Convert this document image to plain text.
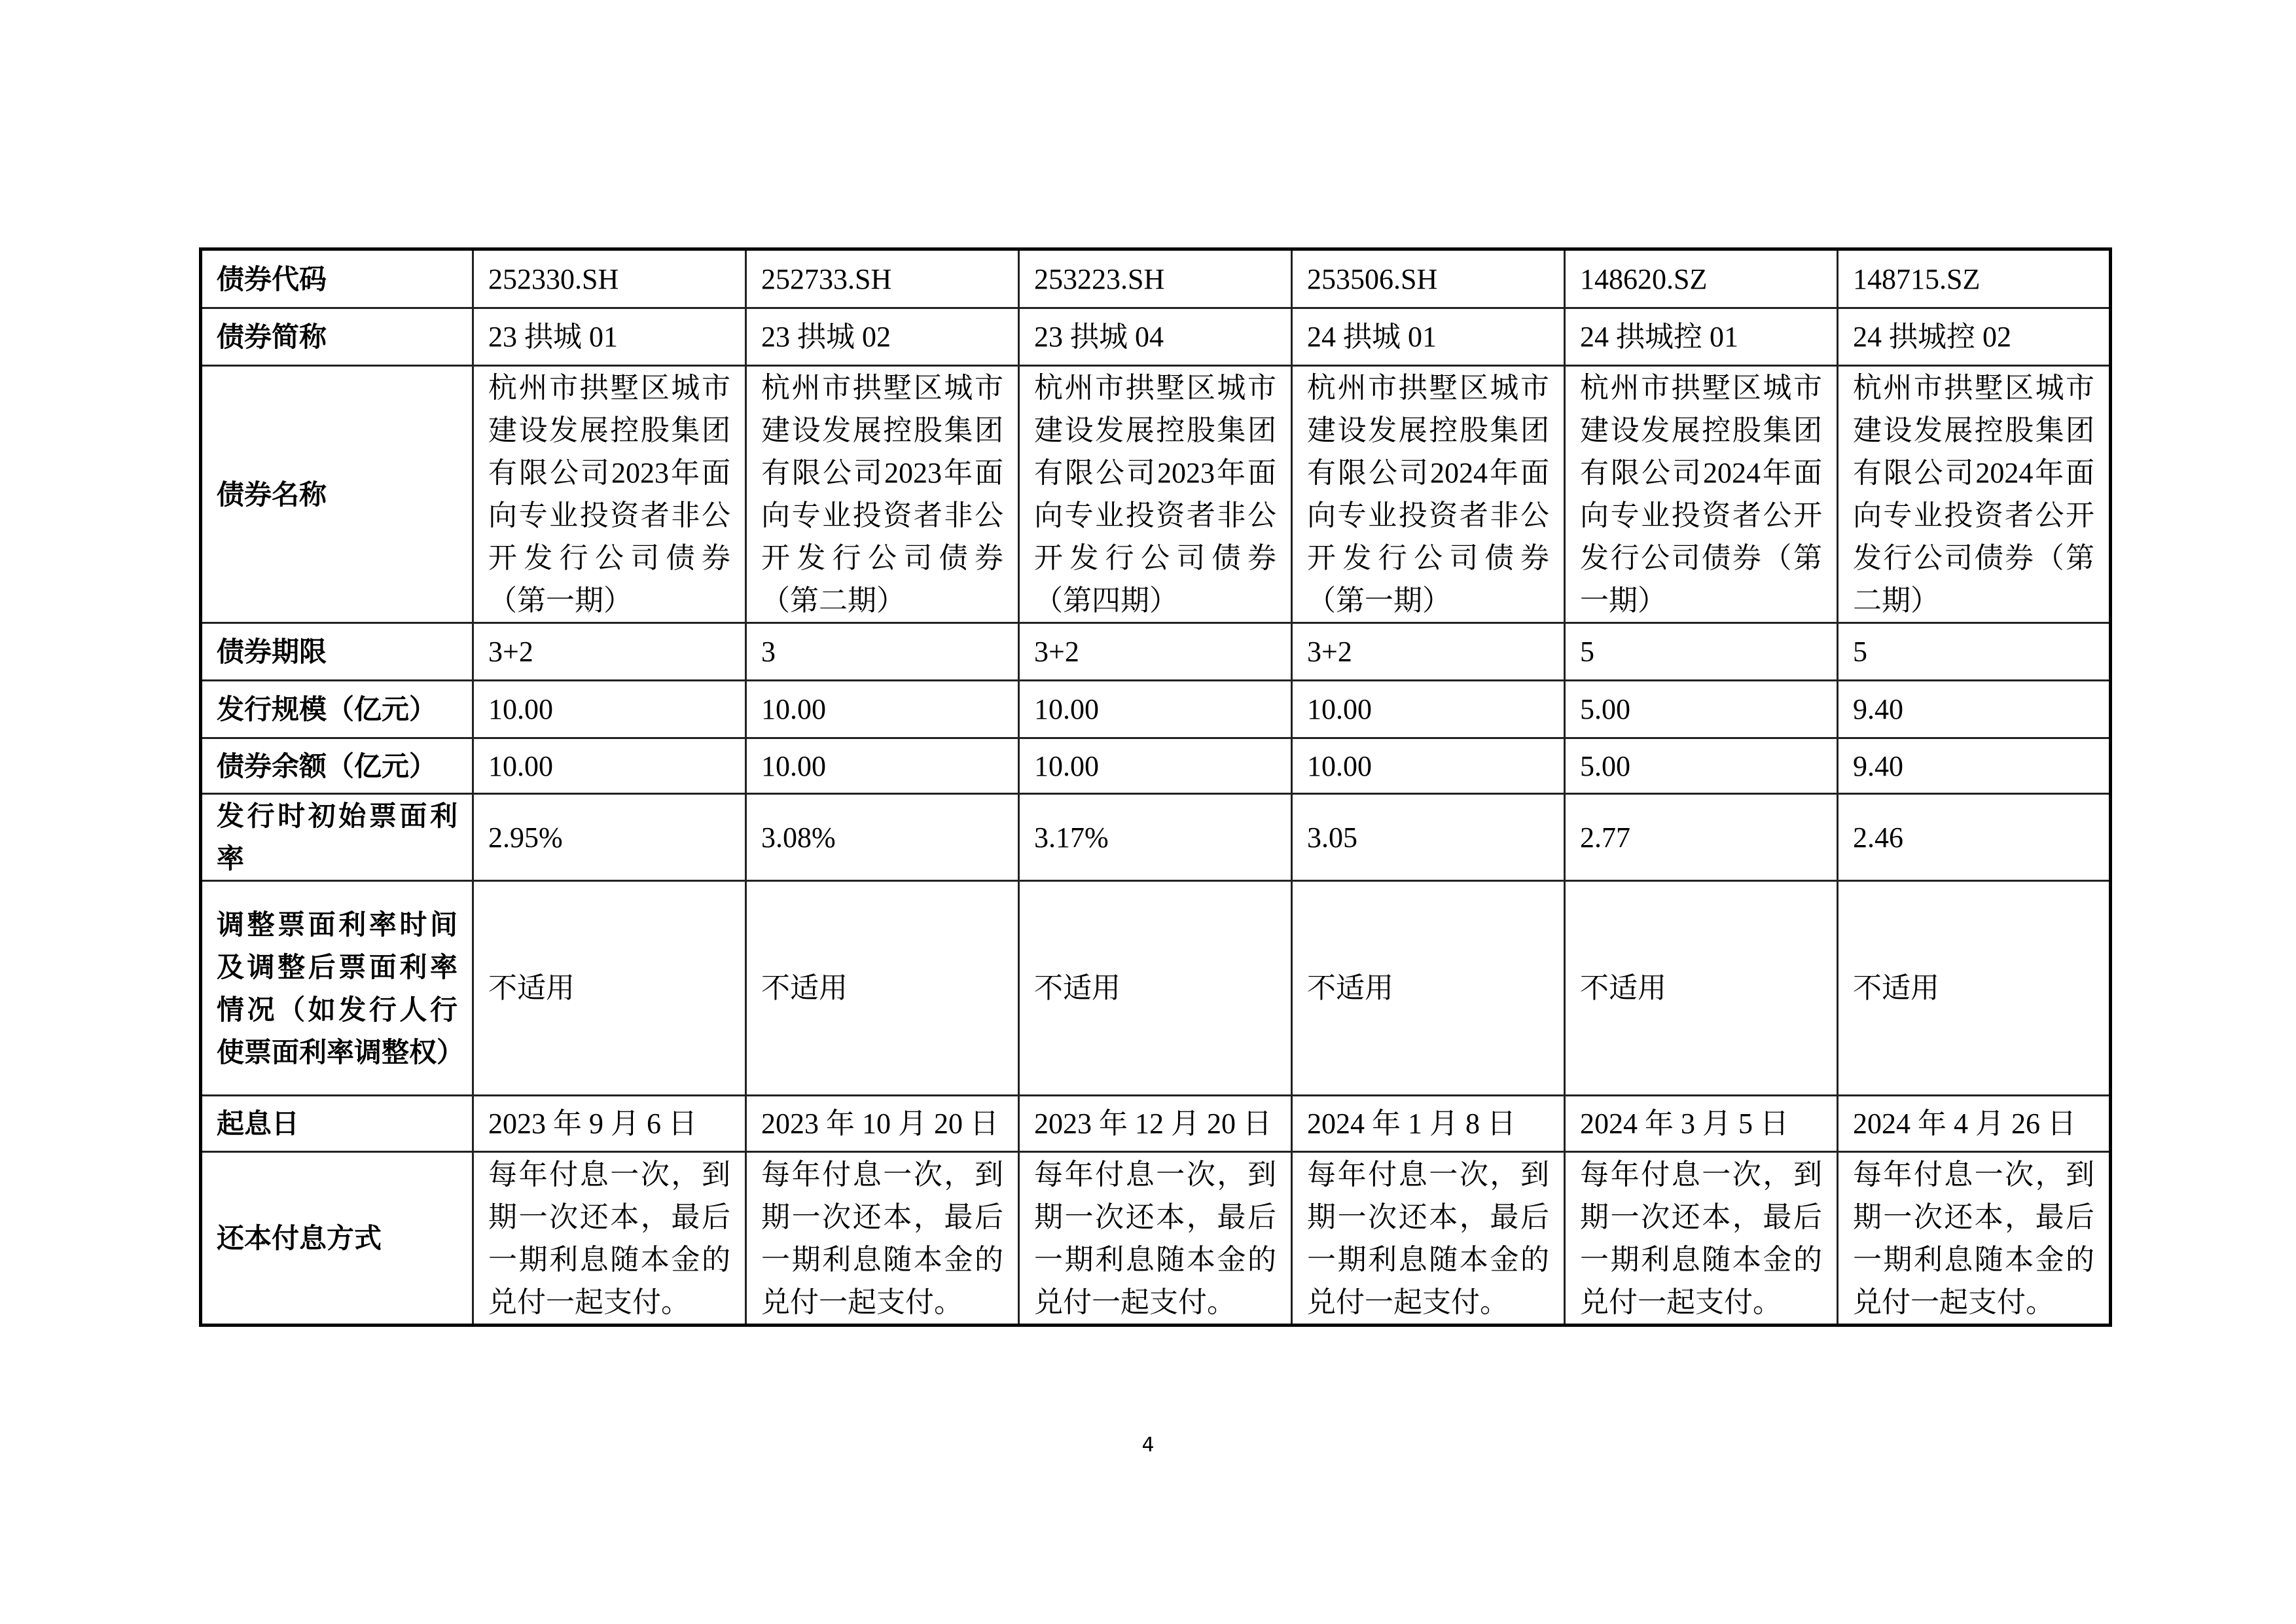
债券代码	252330.SH	252733.SH	253223.SH	253506.SH	148620.SZ	148715.SZ
债券简称	23 拱城 01	23 拱城 02	23 拱城 04	24 拱城 01	24 拱城控 01	24 拱城控 02
债券名称	杭州市拱墅区城市建设发展控股集团有限公司2023年面向专业投资者非公开发行公司债券（第一期）	杭州市拱墅区城市建设发展控股集团有限公司2023年面向专业投资者非公开发行公司债券（第二期）	杭州市拱墅区城市建设发展控股集团有限公司2023年面向专业投资者非公开发行公司债券（第四期）	杭州市拱墅区城市建设发展控股集团有限公司2024年面向专业投资者非公开发行公司债券（第一期）	杭州市拱墅区城市建设发展控股集团有限公司2024年面向专业投资者公开发行公司债券（第一期）	杭州市拱墅区城市建设发展控股集团有限公司2024年面向专业投资者公开发行公司债券（第二期）
债券期限	3+2	3	3+2	3+2	5	5
发行规模（亿元）	10.00	10.00	10.00	10.00	5.00	9.40
债券余额（亿元）	10.00	10.00	10.00	10.00	5.00	9.40
发行时初始票面利率	2.95%	3.08%	3.17%	3.05	2.77	2.46
调整票面利率时间及调整后票面利率情况（如发行人行使票面利率调整权）	不适用	不适用	不适用	不适用	不适用	不适用
起息日	2023 年 9 月 6 日	2023 年 10 月 20 日	2023 年 12 月 20 日	2024 年 1 月 8 日	2024 年 3 月 5 日	2024 年 4 月 26 日
还本付息方式	每年付息一次，到期一次还本，最后一期利息随本金的兑付一起支付。	每年付息一次，到期一次还本，最后一期利息随本金的兑付一起支付。	每年付息一次，到期一次还本，最后一期利息随本金的兑付一起支付。	每年付息一次，到期一次还本，最后一期利息随本金的兑付一起支付。	每年付息一次，到期一次还本，最后一期利息随本金的兑付一起支付。	每年付息一次，到期一次还本，最后一期利息随本金的兑付一起支付。
4
